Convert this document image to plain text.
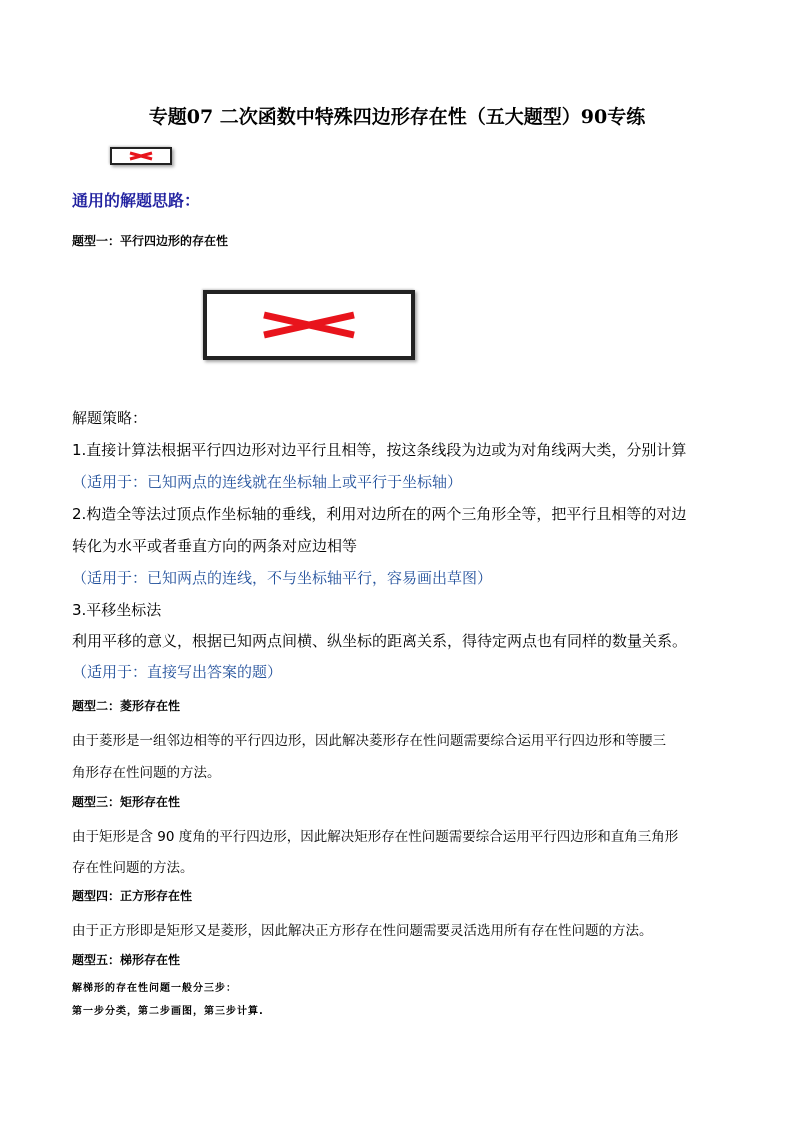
专题07 二次函数中特殊四边形存在性（五大题型）90专练
通用的解题思路：
题型一：平行四边形的存在性
解题策略：
1.直接计算法根据平行四边形对边平行且相等，按这条线段为边或为对角线两大类，分别计算
（适用于：已知两点的连线就在坐标轴上或平行于坐标轴）
2.构造全等法过顶点作坐标轴的垂线，利用对边所在的两个三角形全等，把平行且相等的对边
转化为水平或者垂直方向的两条对应边相等
（适用于：已知两点的连线，不与坐标轴平行，容易画出草图）
3.平移坐标法
利用平移的意义，根据已知两点间横、纵坐标的距离关系，得待定两点也有同样的数量关系。
（适用于：直接写出答案的题）
题型二：菱形存在性
由于菱形是一组邻边相等的平行四边形，因此解决菱形存在性问题需要综合运用平行四边形和等腰三
角形存在性问题的方法。
题型三：矩形存在性
由于矩形是含 90 度角的平行四边形，因此解决矩形存在性问题需要综合运用平行四边形和直角三角形
存在性问题的方法。
题型四：正方形存在性
由于正方形即是矩形又是菱形，因此解决正方形存在性问题需要灵活选用所有存在性问题的方法。
题型五：梯形存在性
解梯形的存在性问题一般分三步：
第一步分类，第二步画图，第三步计算.
